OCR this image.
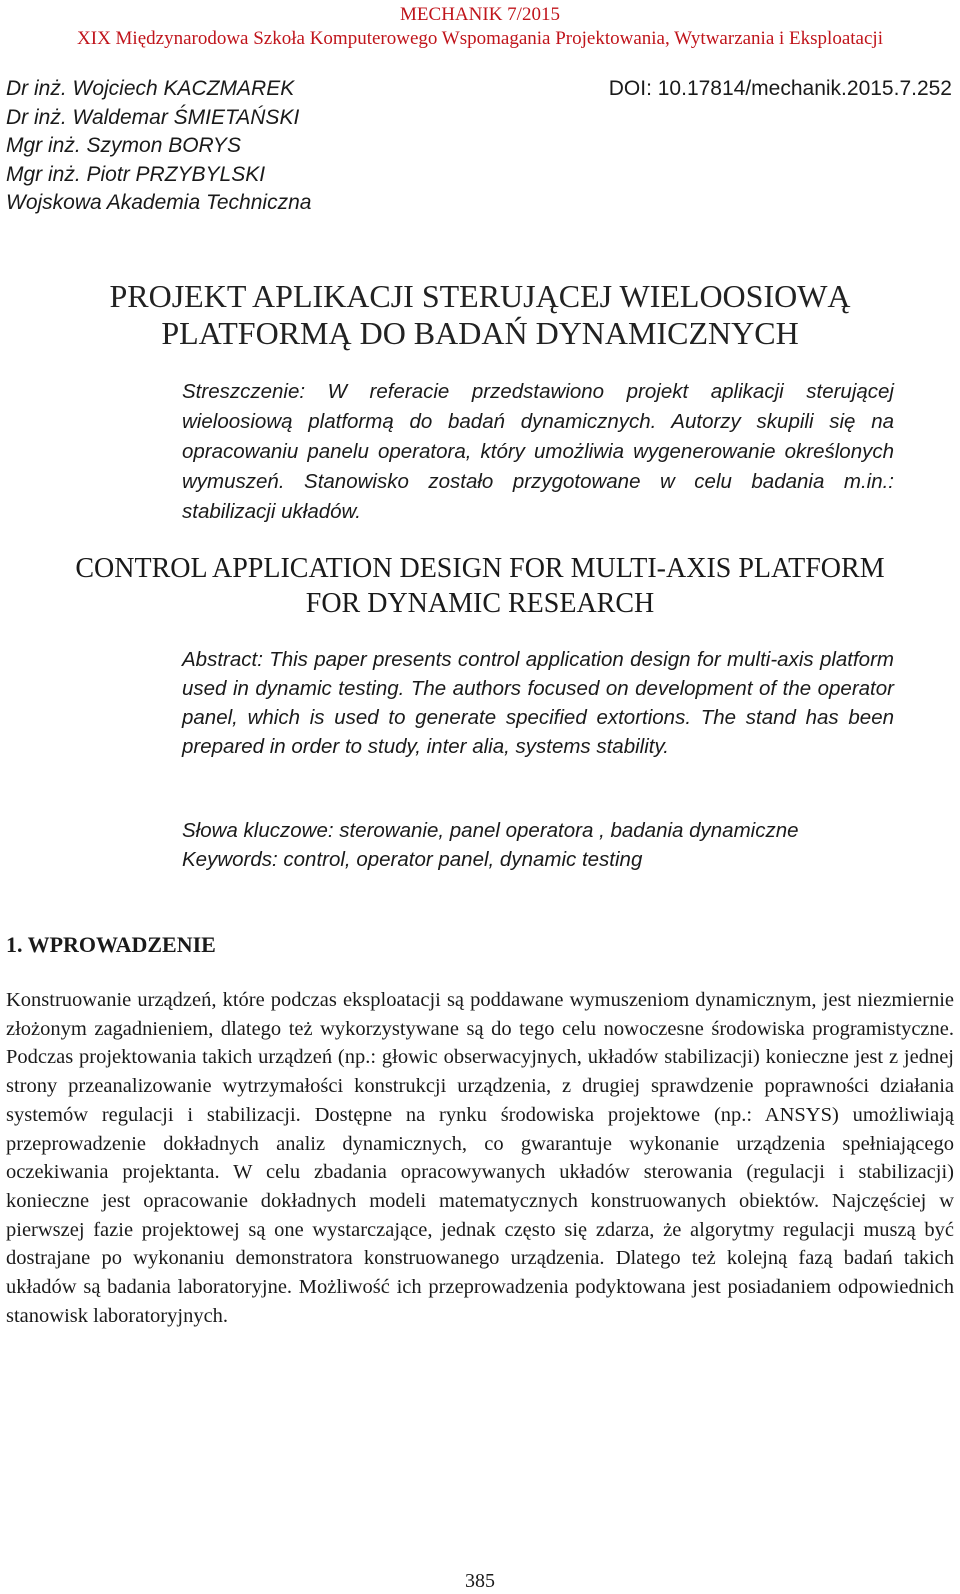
MECHANIK 7/2015
XIX Międzynarodowa Szkoła Komputerowego Wspomagania Projektowania, Wytwarzania i Eksploatacji
Dr inż. Wojciech KACZMAREK
Dr inż. Waldemar ŚMIETAŃSKI
Mgr inż. Szymon BORYS
Mgr inż. Piotr PRZYBYLSKI
Wojskowa Akademia Techniczna
DOI: 10.17814/mechanik.2015.7.252
PROJEKT APLIKACJI STERUJĄCEJ WIELOOSIOWĄ
PLATFORMĄ DO BADAŃ DYNAMICZNYCH

Streszczenie: W referacie przedstawiono projekt aplikacji sterującej wieloosiową platformą do badań dynamicznych. Autorzy skupili się na opracowaniu panelu operatora, który umożliwia wygenerowanie określonych wymuszeń. Stanowisko zostało przygotowane w celu badania m.in.: stabilizacji układów.

CONTROL APPLICATION DESIGN FOR MULTI-AXIS PLATFORM
FOR DYNAMIC RESEARCH

Abstract: This paper presents control application design for multi-axis platform used in dynamic testing. The authors focused on development of the operator panel, which is used to generate specified extortions. The stand has been prepared in order to study, inter alia, systems stability.

Słowa kluczowe: sterowanie, panel operatora , badania dynamiczne
Keywords: control, operator panel, dynamic testing
1. WPROWADZENIE

Konstruowanie urządzeń, które podczas eksploatacji są poddawane wymuszeniom dynamicznym, jest niezmiernie złożonym zagadnieniem, dlatego też wykorzystywane są do tego celu nowoczesne środowiska programistyczne. Podczas projektowania takich urządzeń (np.: głowic obserwacyjnych, układów stabilizacji) konieczne jest z jednej strony przeanalizowanie wytrzymałości konstrukcji urządzenia, z drugiej sprawdzenie poprawności działania systemów regulacji i stabilizacji. Dostępne na rynku środowiska projektowe (np.: ANSYS) umożliwiają przeprowadzenie dokładnych analiz dynamicznych, co gwarantuje wykonanie urządzenia spełniającego oczekiwania projektanta. W celu zbadania opracowywanych układów sterowania (regulacji i stabilizacji) konieczne jest opracowanie dokładnych modeli matematycznych konstruowanych obiektów. Najczęściej w pierwszej fazie projektowej są one wystarczające, jednak często się zdarza, że algorytmy regulacji muszą być dostrajane po wykonaniu demonstratora konstruowanego urządzenia. Dlatego też kolejną fazą badań takich układów są badania laboratoryjne. Możliwość ich przeprowadzenia podyktowana jest posiadaniem odpowiednich stanowisk laboratoryjnych.

385
